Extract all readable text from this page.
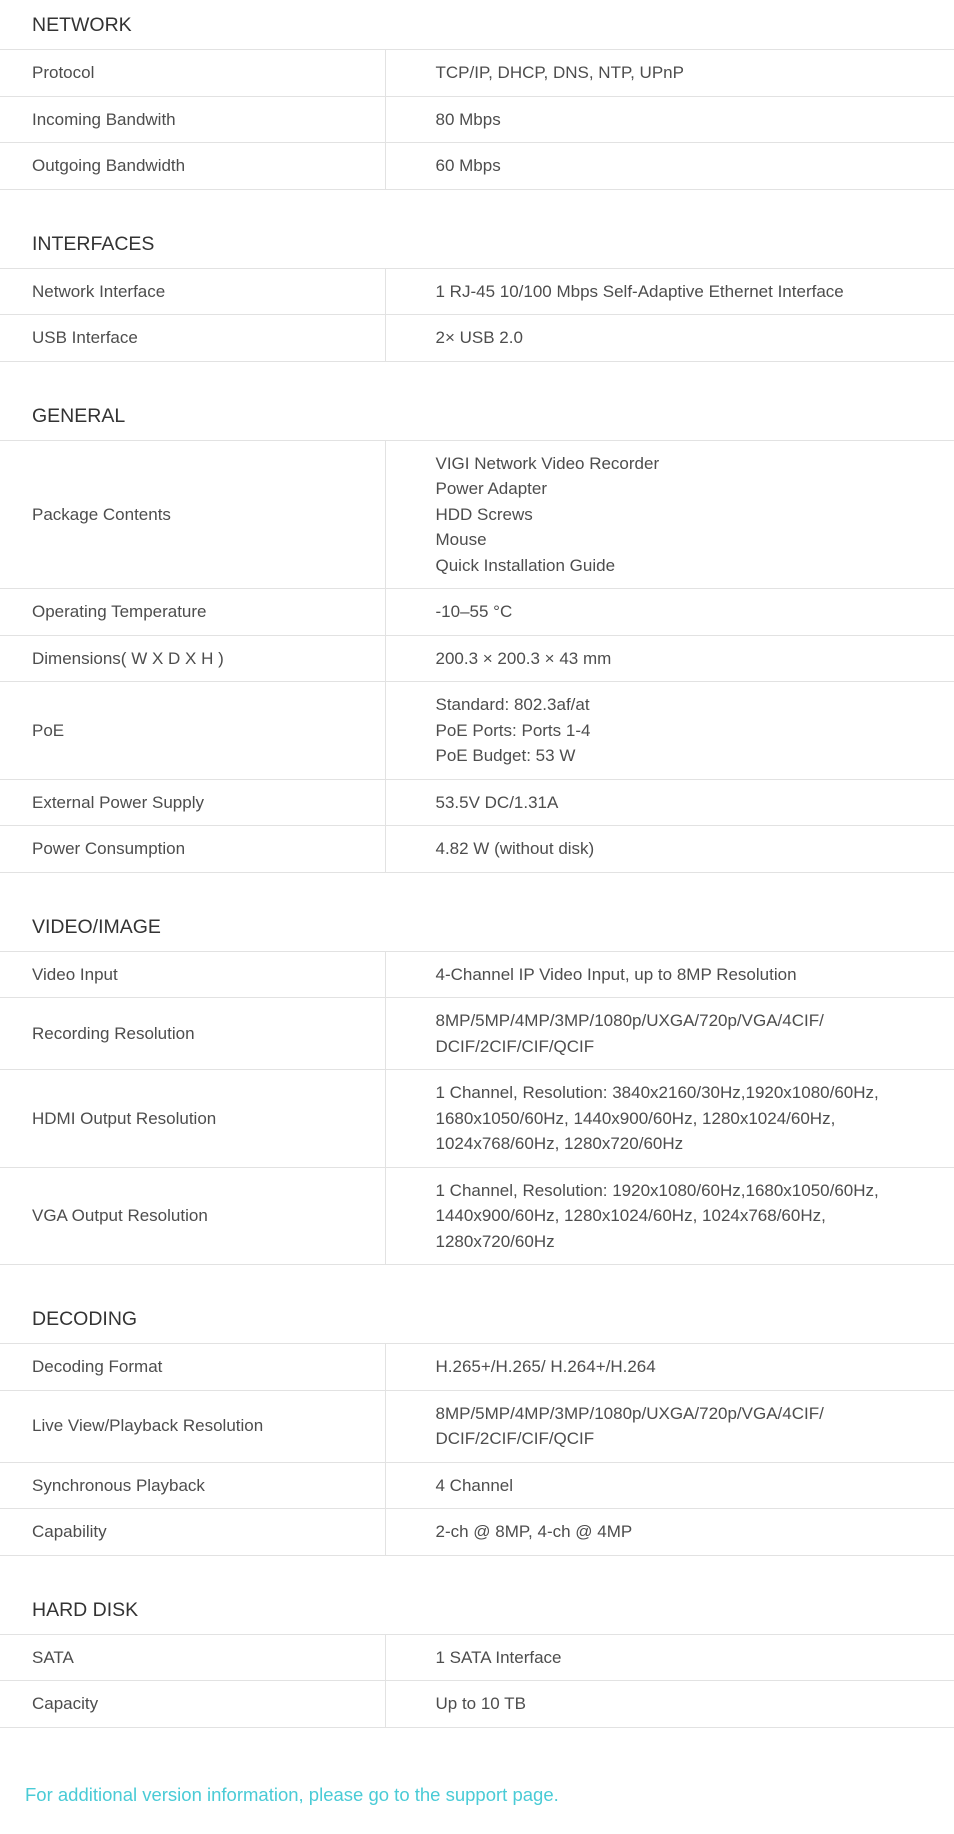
NETWORK
Protocol	TCP/IP, DHCP, DNS, NTP, UPnP

Incoming Bandwith	80 Mbps

Outgoing Bandwidth	60 Mbps
INTERFACES
Network Interface	1 RJ-45 10/100 Mbps Self-Adaptive Ethernet Interface

USB Interface	2× USB 2.0
GENERAL
Package Contents	VIGI Network Video Recorder
Power Adapter
HDD Screws
Mouse
Quick Installation Guide

Operating Temperature	-10–55 °C

Dimensions( W X D X H )	200.3 × 200.3 × 43 mm

PoE	Standard: 802.3af/at
PoE Ports: Ports 1-4
PoE Budget: 53 W

External Power Supply	53.5V DC/1.31A

Power Consumption	4.82 W (without disk)
VIDEO/IMAGE
Video Input	4-Channel IP Video Input, up to 8MP Resolution

Recording Resolution	8MP/5MP/4MP/3MP/1080p/UXGA/720p/VGA/4CIF/
DCIF/2CIF/CIF/QCIF

HDMI Output Resolution	1 Channel, Resolution: 3840x2160/30Hz,1920x1080/60Hz,
1680x1050/60Hz, 1440x900/60Hz, 1280x1024/60Hz,
1024x768/60Hz, 1280x720/60Hz

VGA Output Resolution	1 Channel, Resolution: 1920x1080/60Hz,1680x1050/60Hz,
1440x900/60Hz, 1280x1024/60Hz, 1024x768/60Hz,
1280x720/60Hz
DECODING
Decoding Format	H.265+/H.265/ H.264+/H.264

Live View/Playback Resolution	8MP/5MP/4MP/3MP/1080p/UXGA/720p/VGA/4CIF/
DCIF/2CIF/CIF/QCIF

Synchronous Playback	4 Channel

Capability	2-ch @ 8MP, 4-ch @ 4MP
HARD DISK
SATA	1 SATA Interface

Capacity	Up to 10 TB
For additional version information, please go to the support page.
